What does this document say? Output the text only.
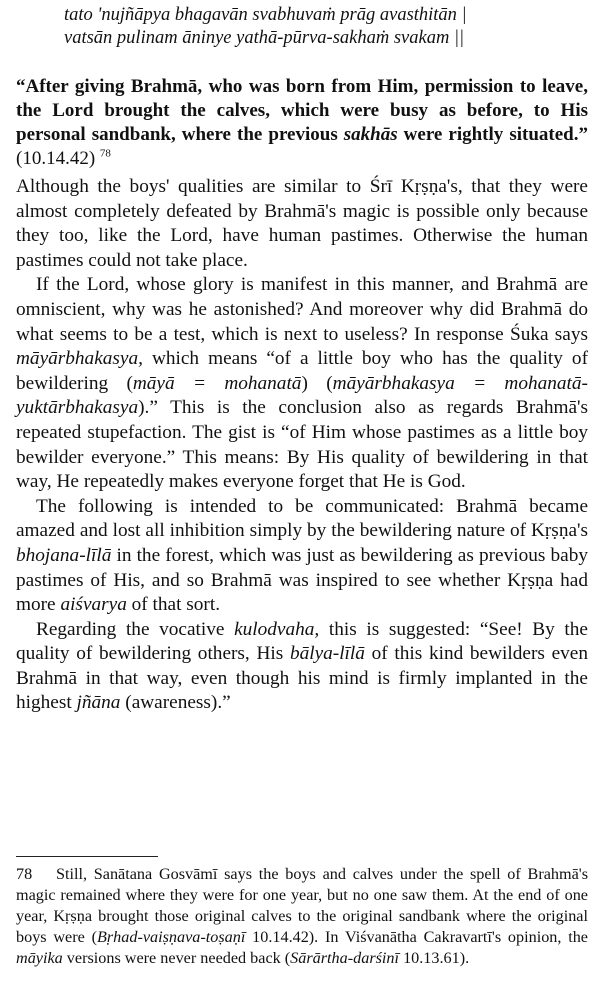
tato 'nujñāpya bhagavān svabhuvaṁ prāg avasthitān |
vatsān pulinam āninye yathā-pūrva-sakhaṁ svakam ||
“After giving Brahmā, who was born from Him, permission to leave, the Lord brought the calves, which were busy as before, to His personal sandbank, where the previous sakhās were rightly situated.” (10.14.42) $^{78}$

Although the boys' qualities are similar to Śrī Kṛṣṇa's, that they were almost completely defeated by Brahmā's magic is possible only because they too, like the Lord, have human pastimes. Otherwise the human pastimes could not take place.

If the Lord, whose glory is manifest in this manner, and Brahmā are omniscient, why was he astonished? And moreover why did Brahmā do what seems to be a test, which is next to useless? In response Śuka says māyārbhakasya, which means “of a little boy who has the quality of bewildering (māyā = mohanatā) (māyārbhakasya = mohanatā-yuktārbhakasya).” This is the conclusion also as regards Brahmā's repeated stupefaction. The gist is “of Him whose pastimes as a little boy bewilder everyone.” This means: By His quality of bewildering in that way, He repeatedly makes everyone forget that He is God.

The following is intended to be communicated: Brahmā became amazed and lost all inhibition simply by the bewildering nature of Kṛṣṇa's bhojana-līlā in the forest, which was just as bewildering as previous baby pastimes of His, and so Brahmā was inspired to see whether Kṛṣṇa had more aiśvarya of that sort.

Regarding the vocative kulodvaha, this is suggested: “See! By the quality of bewildering others, His bālya-līlā of this kind bewilders even Brahmā in that way, even though his mind is firmly implanted in the highest jñāna (awareness).”

78 Still, Sanātana Gosvāmī says the boys and calves under the spell of Brahmā's magic remained where they were for one year, but no one saw them. At the end of one year, Kṛṣṇa brought those original calves to the original sandbank where the original boys were (Bṛhad-vaiṣṇava-toṣaṇī 10.14.42). In Viśvanātha Cakravartī's opinion, the māyika versions were never needed back (Sārārtha-darśinī 10.13.61).
